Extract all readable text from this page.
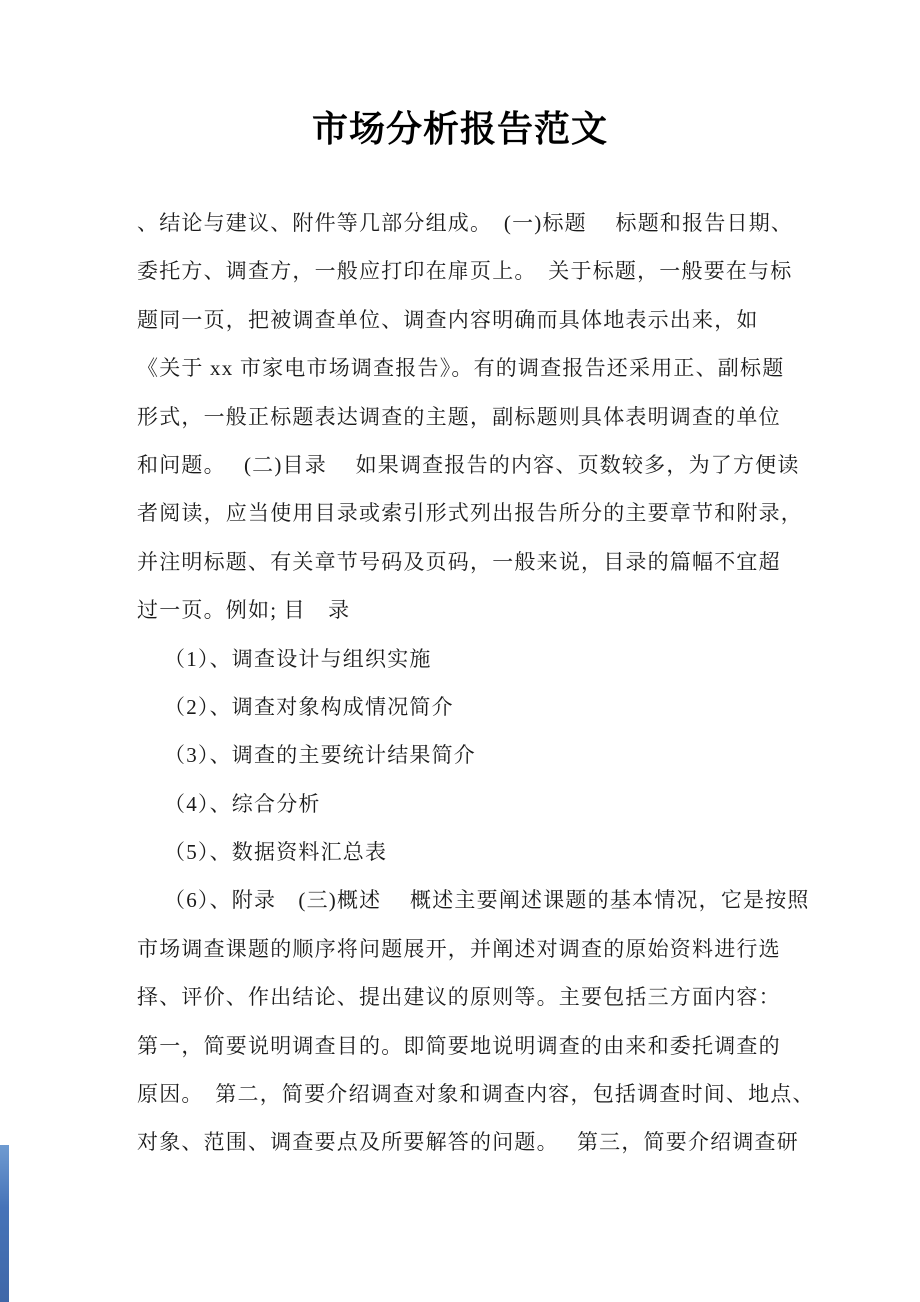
市场分析报告范文
、结论与建议、附件等几部分组成。　(一)标题　 标题和报告日期、
委托方、调查方，一般应打印在扉页上。　关于标题，一般要在与标
题同一页，把被调查单位、调查内容明确而具体地表示出来，如
《关于 xx 市家电市场调查报告》。有的调查报告还采用正、副标题
形式，一般正标题表达调查的主题，副标题则具体表明调查的单位
和问题。　 (二)目录　 如果调查报告的内容、页数较多，为了方便读
者阅读，应当使用目录或索引形式列出报告所分的主要章节和附录，
并注明标题、有关章节号码及页码，一般来说，目录的篇幅不宜超
过一页。例如; 目　录
（1）、调查设计与组织实施
（2）、调查对象构成情况简介
（3）、调查的主要统计结果简介
（4）、综合分析
（5）、数据资料汇总表
（6）、附录　(三)概述　 概述主要阐述课题的基本情况，它是按照
市场调查课题的顺序将问题展开，并阐述对调查的原始资料进行选
择、评价、作出结论、提出建议的原则等。主要包括三方面内容：
第一，简要说明调查目的。即简要地说明调查的由来和委托调查的
原因。　第二，简要介绍调查对象和调查内容，包括调查时间、地点、
对象、范围、调查要点及所要解答的问题。　 第三，简要介绍调查研
